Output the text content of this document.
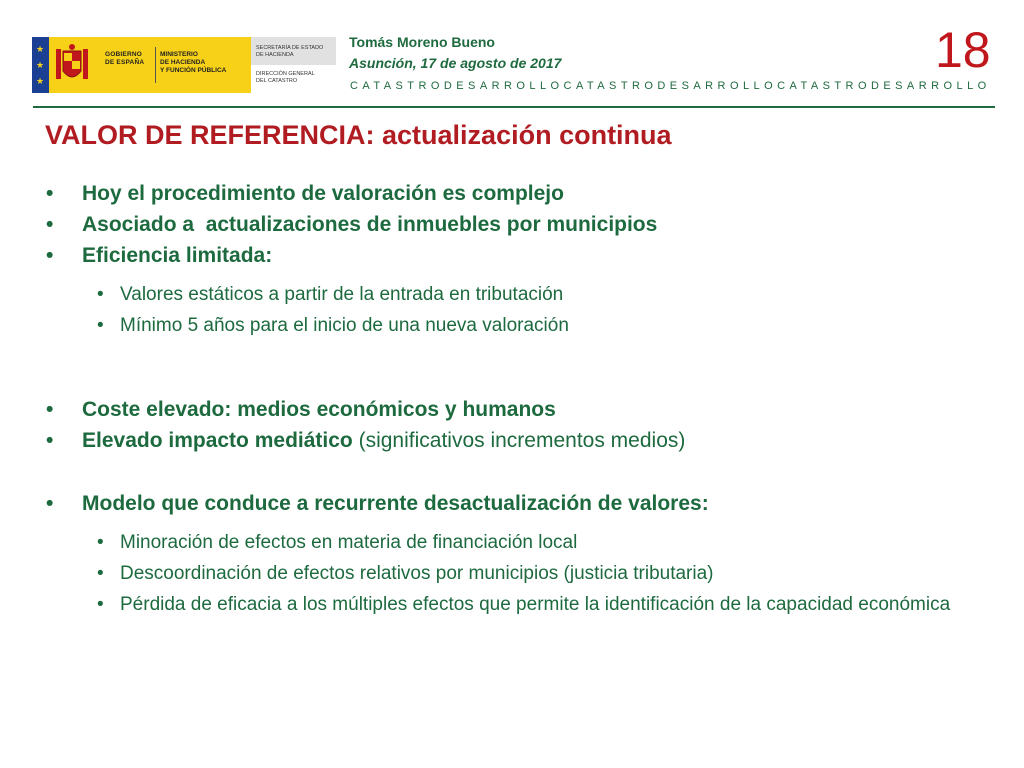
★
★
★
GOBIERNO
DE ESPAÑA
MINISTERIO
DE HACIENDA
Y FUNCIÓN PÚBLICA
SECRETARÍA DE ESTADO
DE HACIENDA
DIRECCIÓN GENERAL
DEL CATASTRO
Tomás Moreno Bueno
Asunción, 17 de agosto de 2017
CATASTRODESARROLLOCATASTRODESARROLLOCATASTRODESARROLLO
18
VALOR DE REFERENCIA: actualización continua
• Hoy el procedimiento de valoración es complejo
• Asociado a  actualizaciones de inmuebles por municipios
• Eficiencia limitada:
• Valores estáticos a partir de la entrada en tributación
• Mínimo 5 años para el inicio de una nueva valoración
• Coste elevado: medios económicos y humanos
• Elevado impacto mediático (significativos incrementos medios)
• Modelo que conduce a recurrente desactualización de valores:
• Minoración de efectos en materia de financiación local
• Descoordinación de efectos relativos por municipios (justicia tributaria)
• Pérdida de eficacia a los múltiples efectos que permite la identificación de la capacidad económica
